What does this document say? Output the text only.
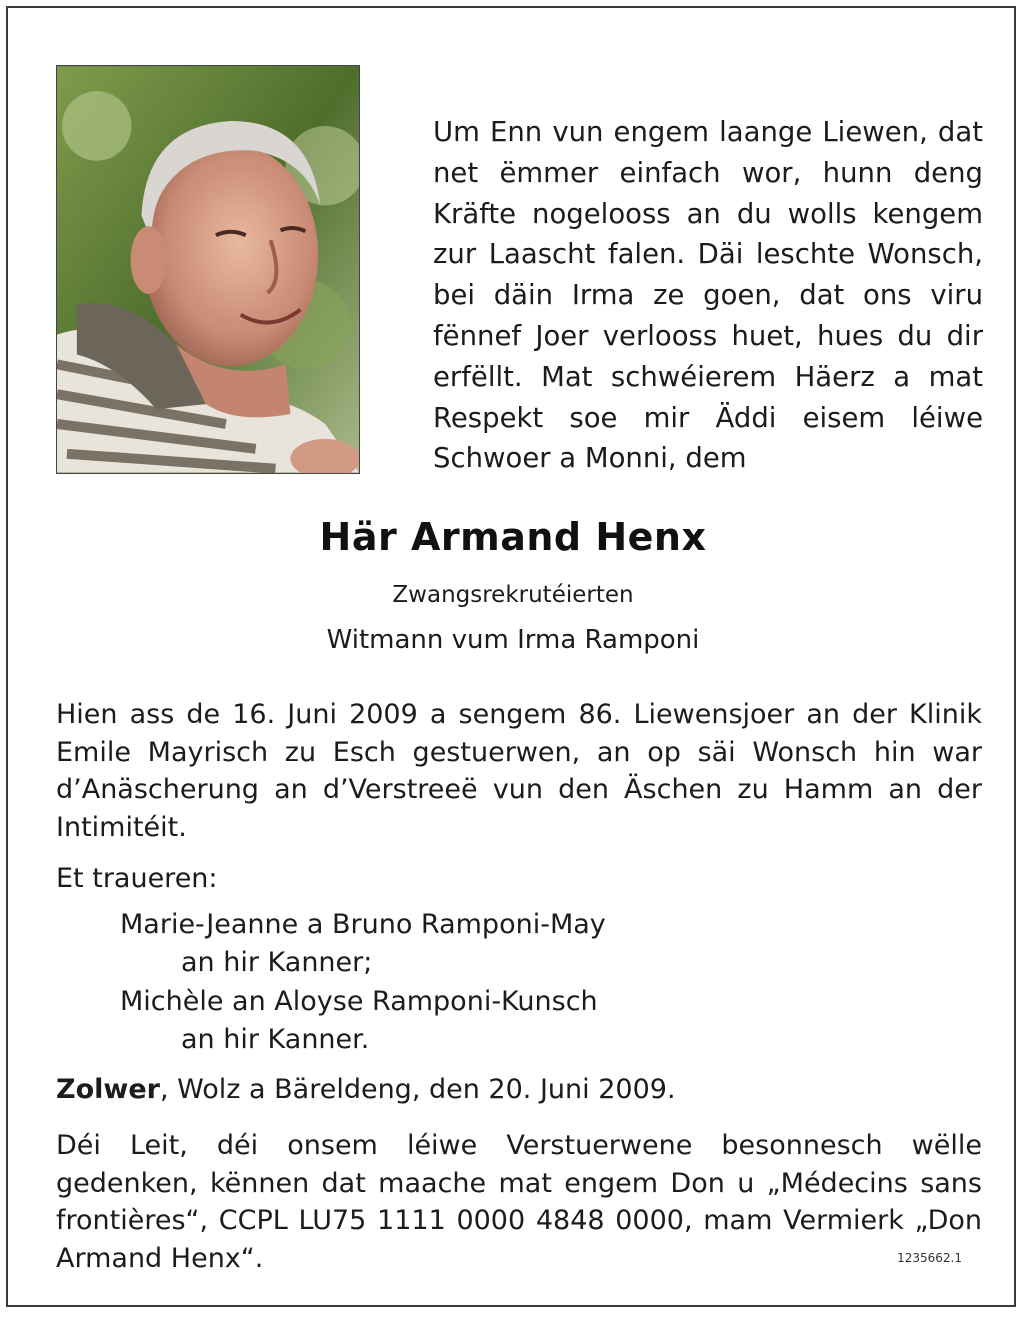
Um Enn vun engem laange Liewen, dat net ëmmer einfach wor, hunn deng Kräfte nogelooss an du wolls kengem zur Laascht falen. Däi leschte Wonsch, bei däin Irma ze goen, dat ons viru fënnef Joer verlooss huet, hues du dir erfëllt. Mat schwéierem Häerz a mat Respekt soe mir Äddi eisem léiwe Schwoer a Monni, dem
Här Armand Henx
Zwangsrekrutéierten
Witmann vum Irma Ramponi
Hien ass de 16. Juni 2009 a sengem 86. Liewensjoer an der Klinik Emile Mayrisch zu Esch gestuerwen, an op säi Wonsch hin war d’Anäscherung an d’Verstreeë vun den Äschen zu Hamm an der Intimitéit.
Et traueren:
Marie-Jeanne a Bruno Ramponi-May
an hir Kanner;
Michèle an Aloyse Ramponi-Kunsch
an hir Kanner.
Zolwer, Wolz a Bäreldeng, den 20. Juni 2009.
Déi Leit, déi onsem léiwe Verstuerwene besonnesch wëlle gedenken, kënnen dat maache mat engem Don u „Médecins sans frontières“, CCPL LU75 1111 0000 4848 0000, mam Vermierk „Don Armand Henx“.	1235662.1
